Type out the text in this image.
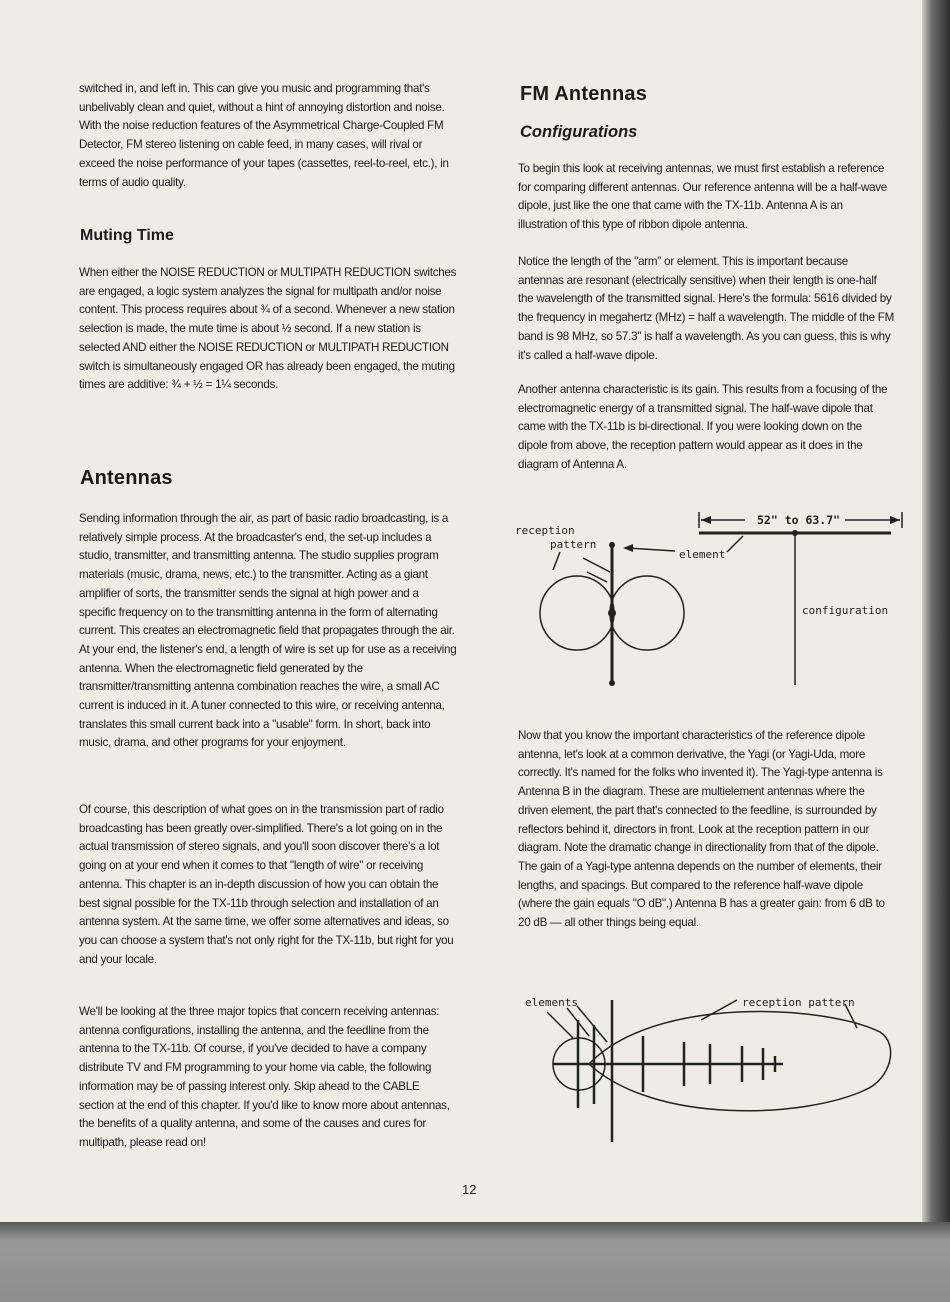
switched in, and left in. This can give you music and programming that's unbelivably clean and quiet, without a hint of annoying distortion and noise. With the noise reduction features of the Asymmetrical Charge-Coupled FM Detector, FM stereo listening on cable feed, in many cases, will rival or exceed the noise performance of your tapes (cassettes, reel-to-reel, etc.), in terms of audio quality.

Muting Time

When either the NOISE REDUCTION or MULTIPATH REDUCTION switches are engaged, a logic system analyzes the signal for multipath and/or noise content. This process requires about ¾ of a second. Whenever a new station selection is made, the mute time is about ½ second. If a new station is selected AND either the NOISE REDUCTION or MULTIPATH REDUCTION switch is simultaneously engaged OR has already been engaged, the muting times are additive: ¾ + ½ = 1¼ seconds.

Antennas

Sending information through the air, as part of basic radio broadcasting, is a relatively simple process. At the broadcaster's end, the set-up includes a studio, transmitter, and transmitting antenna. The studio supplies program materials (music, drama, news, etc.) to the transmitter. Acting as a giant amplifier of sorts, the transmitter sends the signal at high power and a specific frequency on to the transmitting antenna in the form of alternating current. This creates an electromagnetic field that propagates through the air. At your end, the listener's end, a length of wire is set up for use as a receiving antenna. When the electromagnetic field generated by the transmitter/transmitting antenna combination reaches the wire, a small AC current is induced in it. A tuner connected to this wire, or receiving antenna, translates this small current back into a "usable" form. In short, back into music, drama, and other programs for your enjoyment.

Of course, this description of what goes on in the transmission part of radio broadcasting has been greatly over-simplified. There's a lot going on in the actual transmission of stereo signals, and you'll soon discover there's a lot going on at your end when it comes to that "length of wire" or receiving antenna. This chapter is an in-depth discussion of how you can obtain the best signal possible for the TX-11b through selection and installation of an antenna system. At the same time, we offer some alternatives and ideas, so you can choose a system that's not only right for the TX-11b, but right for you and your locale.

We'll be looking at the three major topics that concern receiving antennas: antenna configurations, installing the antenna, and the feedline from the antenna to the TX-11b. Of course, if you've decided to have a company distribute TV and FM programming to your home via cable, the following information may be of passing interest only. Skip ahead to the CABLE section at the end of this chapter. If you'd like to know more about antennas, the benefits of a quality antenna, and some of the causes and cures for multipath, please read on!

FM Antennas
Configurations

To begin this look at receiving antennas, we must first establish a reference for comparing different antennas. Our reference antenna will be a half-wave dipole, just like the one that came with the TX-11b. Antenna A is an illustration of this type of ribbon dipole antenna.

Notice the length of the "arm" or element. This is important because antennas are resonant (electrically sensitive) when their length is one-half the wavelength of the transmitted signal. Here's the formula: 5616 divided by the frequency in megahertz (MHz) = half a wavelength. The middle of the FM band is 98 MHz, so 57.3" is half a wavelength. As you can guess, this is why it's called a half-wave dipole.

Another antenna characteristic is its gain. This results from a focusing of the electromagnetic energy of a transmitted signal. The half-wave dipole that came with the TX-11b is bi-directional. If you were looking down on the dipole from above, the reception pattern would appear as it does in the diagram of Antenna A.

Now that you know the important characteristics of the reference dipole antenna, let's look at a common derivative, the Yagi (or Yagi-Uda, more correctly. It's named for the folks who invented it). The Yagi-type antenna is Antenna B in the diagram. These are multielement antennas where the driven element, the part that's connected to the feedline, is surrounded by reflectors behind it, directors in front. Look at the reception pattern in our diagram. Note the dramatic change in directionality from that of the dipole. The gain of a Yagi-type antenna depends on the number of elements, their lengths, and spacings. But compared to the reference half-wave dipole (where the gain equals "O dB",) Antenna B has a greater gain: from 6 dB to 20 dB — all other things being equal.

reception
pattern
element
52" to 63.7"
configuration
elements	reception pattern
12
